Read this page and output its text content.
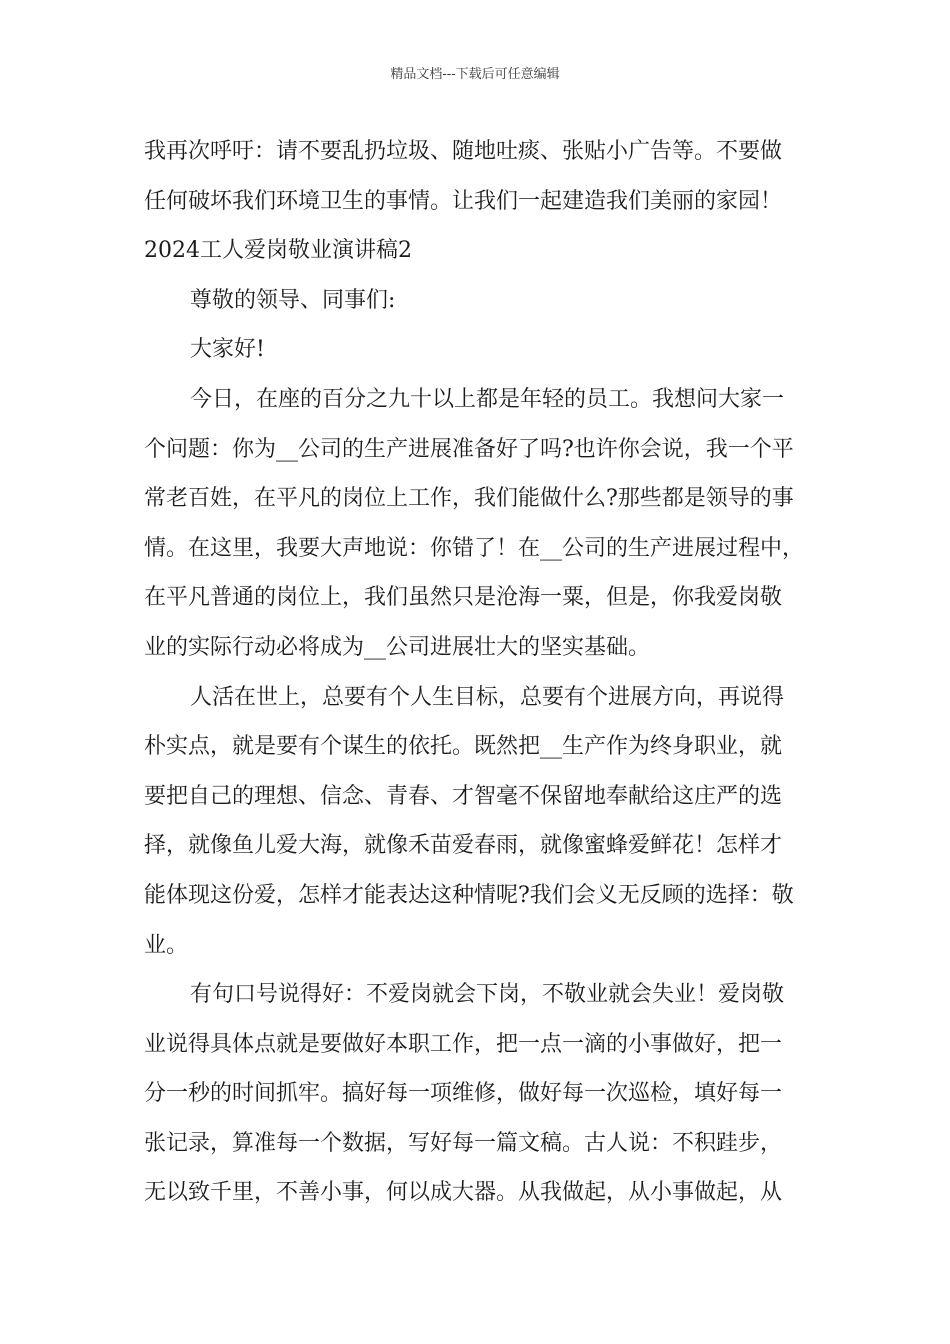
精品文档---下载后可任意编辑
我再次呼吁：请不要乱扔垃圾、随地吐痰、张贴小广告等。不要做
任何破坏我们环境卫生的事情。让我们一起建造我们美丽的家园！
2024工人爱岗敬业演讲稿2
尊敬的领导、同事们:
大家好!
今日，在座的百分之九十以上都是年轻的员工。我想问大家一
个问题：你为__公司的生产进展准备好了吗?也许你会说，我一个平
常老百姓，在平凡的岗位上工作，我们能做什么?那些都是领导的事
情。在这里，我要大声地说：你错了！在__公司的生产进展过程中，
在平凡普通的岗位上，我们虽然只是沧海一粟，但是，你我爱岗敬
业的实际行动必将成为__公司进展壮大的坚实基础。
人活在世上，总要有个人生目标，总要有个进展方向，再说得
朴实点，就是要有个谋生的依托。既然把__生产作为终身职业，就
要把自己的理想、信念、青春、才智毫不保留地奉献给这庄严的选
择，就像鱼儿爱大海，就像禾苗爱春雨，就像蜜蜂爱鲜花！怎样才
能体现这份爱，怎样才能表达这种情呢?我们会义无反顾的选择：敬
业。
有句口号说得好：不爱岗就会下岗，不敬业就会失业！爱岗敬
业说得具体点就是要做好本职工作，把一点一滴的小事做好，把一
分一秒的时间抓牢。搞好每一项维修，做好每一次巡检，填好每一
张记录，算准每一个数据，写好每一篇文稿。古人说：不积跬步，
无以致千里，不善小事，何以成大器。从我做起，从小事做起，从
